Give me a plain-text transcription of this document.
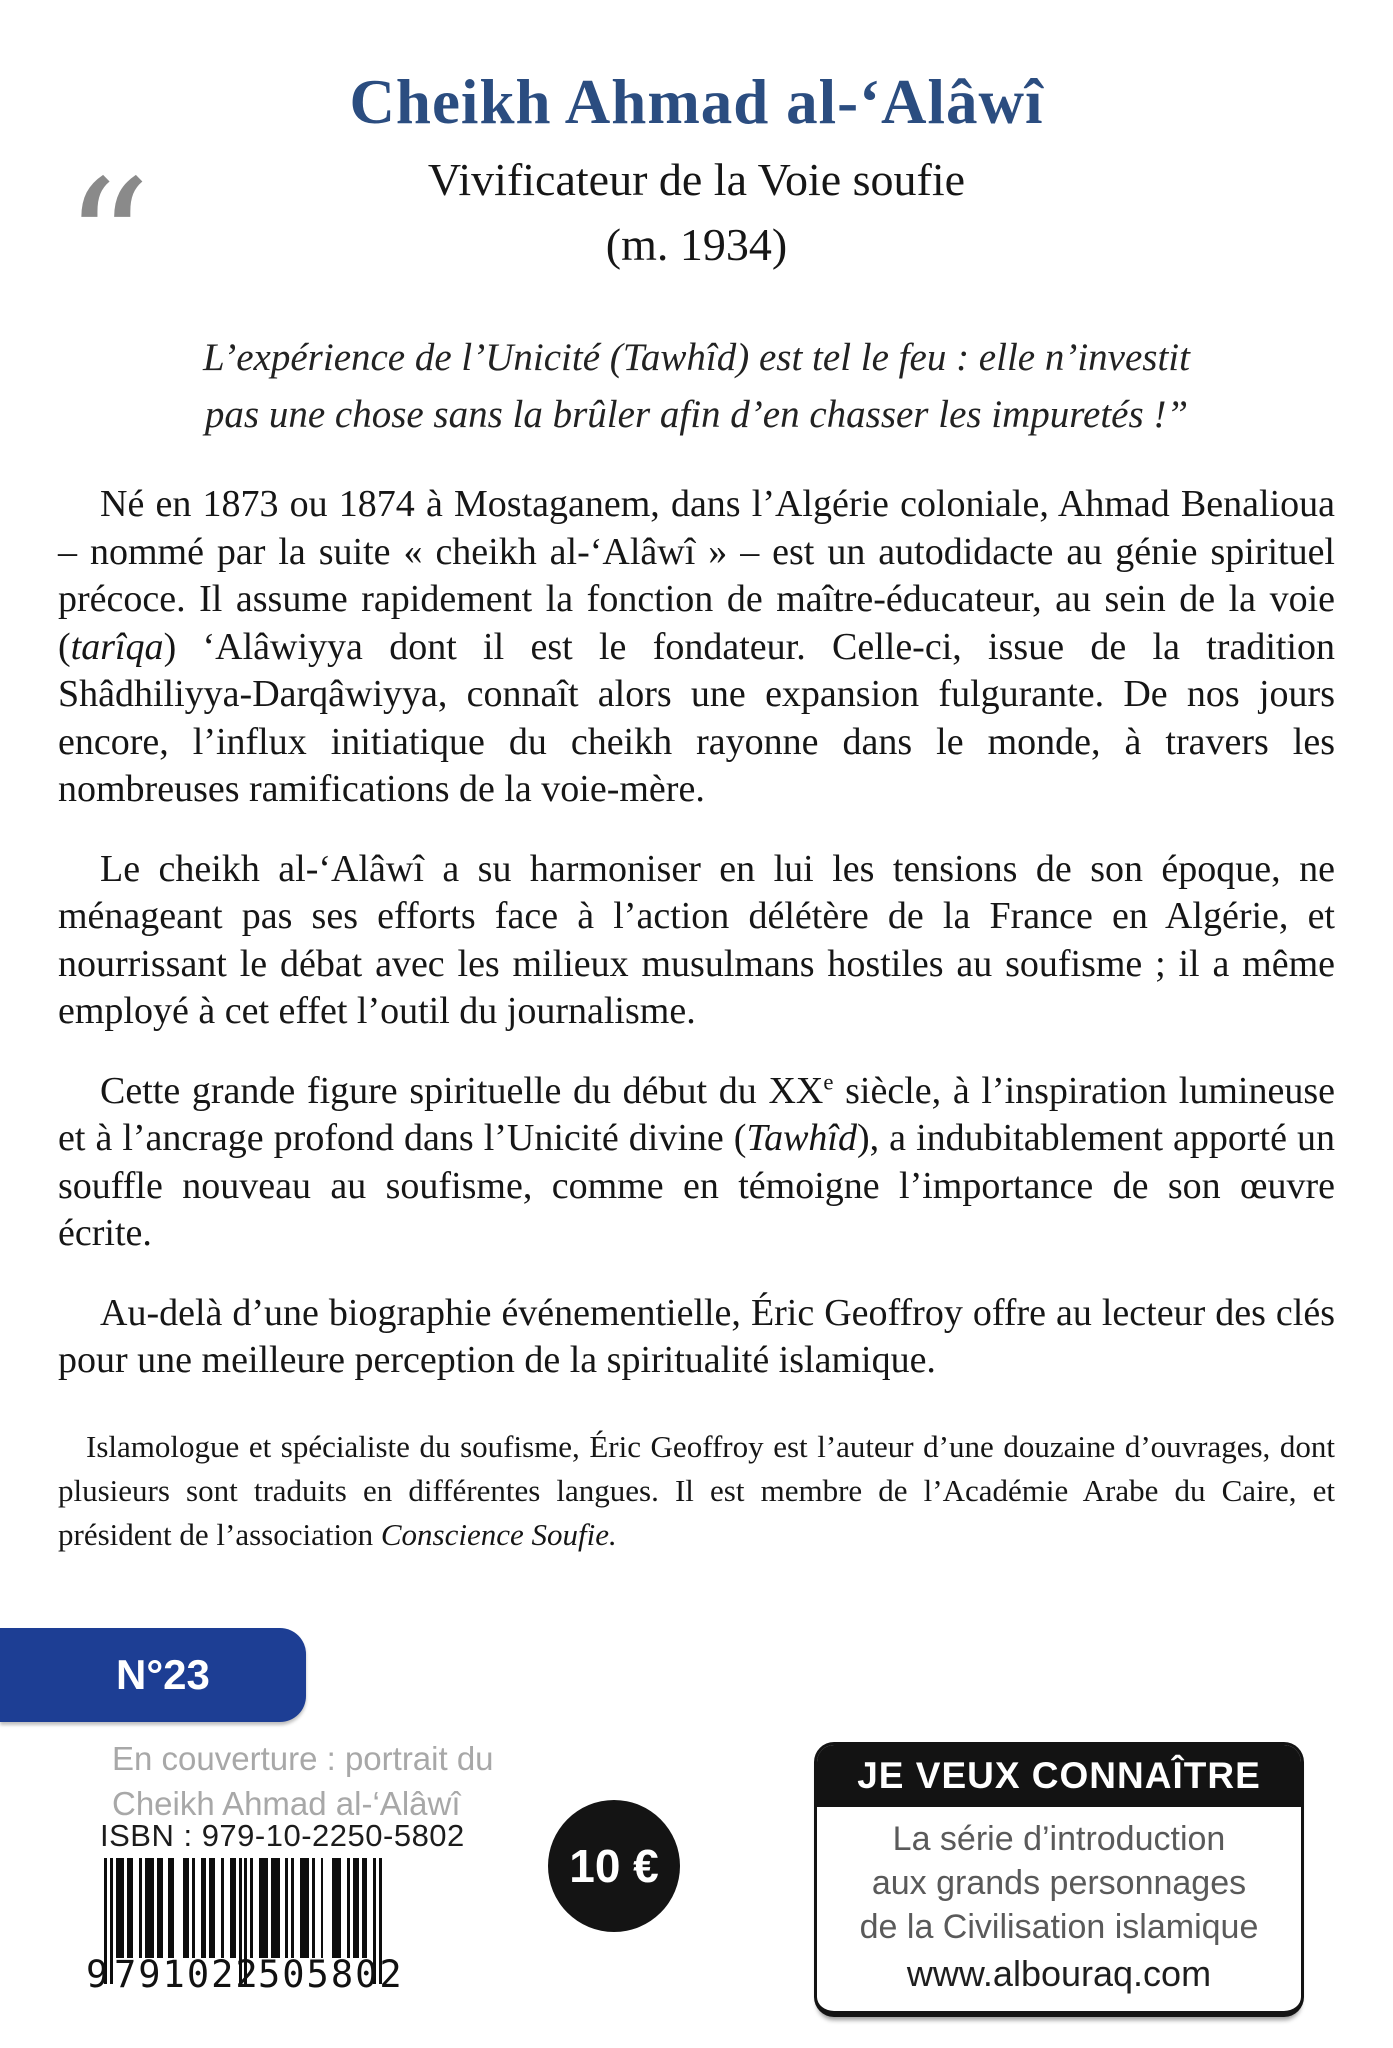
“
Cheikh Ahmad al-‘Alâwî
Vivificateur de la Voie soufie
(m. 1934)
L’expérience de l’Unicité (Tawhîd) est tel le feu : elle n’investit
pas une chose sans la brûler afin d’en chasser les impuretés !”

Né en 1873 ou 1874 à Mostaganem, dans l’Algérie coloniale, Ahmad Benalioua – nommé par la suite « cheikh al-‘Alâwî » – est un autodidacte au génie spirituel précoce. Il assume rapidement la fonction de maître-éducateur, au sein de la voie (tarîqa) ‘Alâwiyya dont il est le fondateur. Celle-ci, issue de la tradition Shâdhiliyya-Darqâwiyya, connaît alors une expansion fulgurante. De nos jours encore, l’influx initiatique du cheikh rayonne dans le monde, à travers les nombreuses ramifications de la voie-mère.

Le cheikh al-‘Alâwî a su harmoniser en lui les tensions de son époque, ne ménageant pas ses efforts face à l’action délétère de la France en Algérie, et nourrissant le débat avec les milieux musulmans hostiles au soufisme ; il a même employé à cet effet l’outil du journalisme.

Cette grande figure spirituelle du début du XXe siècle, à l’inspiration lumineuse et à l’ancrage profond dans l’Unicité divine (Tawhîd), a indubitablement apporté un souffle nouveau au soufisme, comme en témoigne l’importance de son œuvre écrite.

Au-delà d’une biographie événementielle, Éric Geoffroy offre au lecteur des clés pour une meilleure perception de la spiritualité islamique.

Islamologue et spécialiste du soufisme, Éric Geoffroy est l’auteur d’une douzaine d’ouvrages, dont plusieurs sont traduits en différentes langues. Il est membre de l’Académie Arabe du Caire, et président de l’association Conscience Soufie.

N°23
En couverture : portrait du
Cheikh Ahmad al-‘Alâwî
ISBN : 979-10-2250-5802
9 791022
505802
10 €
JE VEUX CONNAÎTRE
La série d’introduction
aux grands personnages
de la Civilisation islamique
www.albouraq.com
